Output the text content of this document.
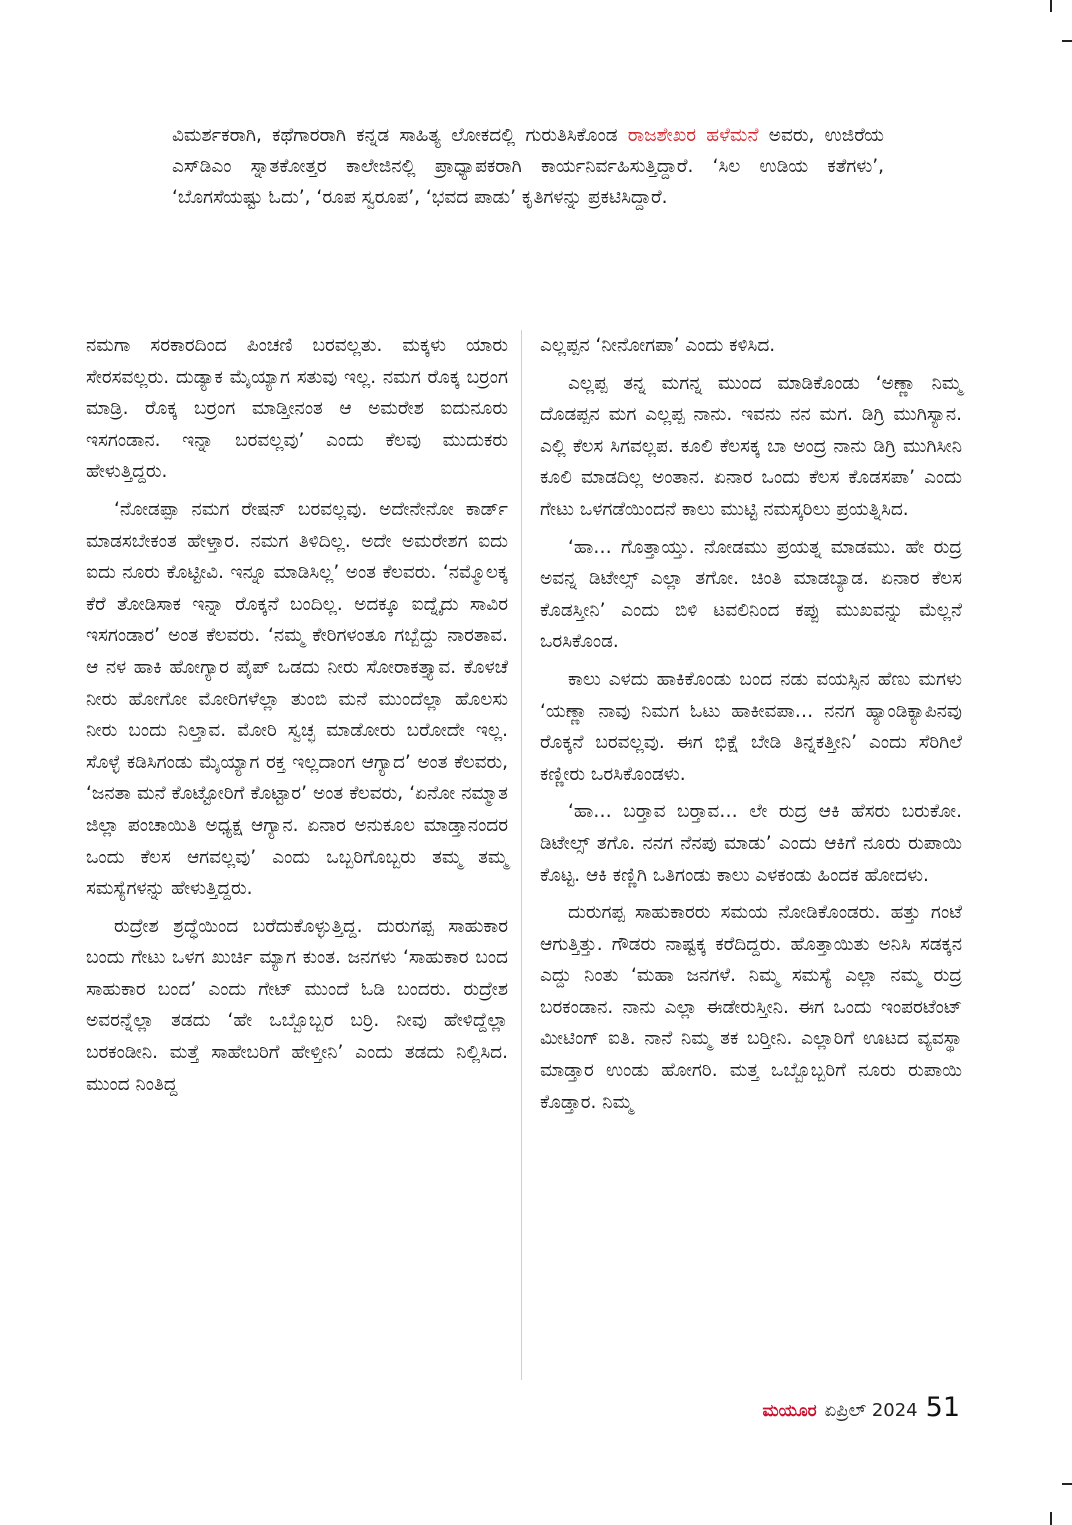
ವಿಮರ್ಶಕರಾಗಿ, ಕಥೆಗಾರರಾಗಿ ಕನ್ನಡ ಸಾಹಿತ್ಯ ಲೋಕದಲ್ಲಿ ಗುರುತಿಸಿಕೊಂಡ ರಾಜಶೇಖರ ಹಳೆಮನೆ ಅವರು, ಉಜಿರೆಯ ಎಸ್‌ಡಿಎಂ ಸ್ನಾತಕೋತ್ತರ ಕಾಲೇಜಿನಲ್ಲಿ ಪ್ರಾಧ್ಯಾಪಕರಾಗಿ ಕಾರ್ಯನಿರ್ವಹಿಸುತ್ತಿದ್ದಾರೆ. ‘ಸಿಲ ಉಡಿಯ ಕತೆಗಳು’, ‘ಬೊಗಸೆಯಷ್ಟು ಓದು’, ‘ರೂಪ ಸ್ವರೂಪ’, ‘ಭವದ ಪಾಡು’ ಕೃತಿಗಳನ್ನು ಪ್ರಕಟಿಸಿದ್ದಾರೆ.

ನಮಗಾ ಸರಕಾರದಿಂದ ಪಿಂಚಣಿ ಬರವಲ್ಲತು. ಮಕ್ಕಳು ಯಾರು ಸೇರಸವಲ್ಲರು. ದುಡ್ಯಾಕ ಮೈಯ್ಯಾಗ ಸತುವು ಇಲ್ಲ. ನಮಗ ರೊಕ್ಕ ಬರ್‍ರಂಗ ಮಾಡ್ರಿ. ರೊಕ್ಕ ಬರ್‍ರಂಗ ಮಾಡ್ತೀನಂತ ಆ ಅಮರೇಶ ಐದುನೂರು ಇಸಗಂಡಾನ. ಇನ್ನಾ ಬರವಲ್ಲವು’ ಎಂದು ಕೆಲವು ಮುದುಕರು ಹೇಳುತ್ತಿದ್ದರು.

‘ನೋಡಪ್ಪಾ ನಮಗ ರೇಷನ್ ಬರವಲ್ಲವು. ಅದೇನೇನೋ ಕಾರ್ಡ್ ಮಾಡಸಬೇಕಂತ ಹೇಳ್ತಾರ. ನಮಗ ತಿಳಿದಿಲ್ಲ. ಅದೇ ಅಮರೇಶಗ ಐದು ಐದು ನೂರು ಕೊಟ್ಟೀವಿ. ಇನ್ನೂ ಮಾಡಿಸಿಲ್ಲ’ ಅಂತ ಕೆಲವರು. ‘ನಮ್ಮೊಲಕ್ಕ ಕೆರೆ ತೋಡಿಸಾಕ ಇನ್ನಾ ರೊಕ್ಕನೆ ಬಂದಿಲ್ಲ. ಅದಕ್ಕೂ ಐದ್ನೈದು ಸಾವಿರ ಇಸಗಂಡಾರ’ ಅಂತ ಕೆಲವರು. ‘ನಮ್ಮ ಕೇರಿಗಳಂತೂ ಗಬ್ಬೆದ್ದು ನಾರತಾವ. ಆ ನಳ ಹಾಕಿ ಹೋಗ್ಯಾರ ಪೈಪ್ ಒಡದು ನೀರು ಸೋರಾಕತ್ತ್ಯಾವ. ಕೊಳಚೆ ನೀರು ಹೋಗೋ ಮೋರಿಗಳೆಲ್ಲಾ ತುಂಬಿ ಮನೆ ಮುಂದೆಲ್ಲಾ ಹೊಲಸು ನೀರು ಬಂದು ನಿಲ್ತಾವ. ಮೋರಿ ಸ್ವಚ್ಛ ಮಾಡೋರು ಬರೋದೇ ಇಲ್ಲ. ಸೊಳ್ಳೆ ಕಡಿಸಿಗಂಡು ಮೈಯ್ಯಾಗ ರಕ್ತ ಇಲ್ಲದಾಂಗ ಆಗ್ಯಾದ’ ಅಂತ ಕೆಲವರು, ‘ಜನತಾ ಮನೆ ಕೊಟ್ಟೋರಿಗೆ ಕೊಟ್ಟಾರ’ ಅಂತ ಕೆಲವರು, ‘ಏನೋ ನಮ್ಮಾತ ಜಿಲ್ಲಾ ಪಂಚಾಯಿತಿ ಅಧ್ಯಕ್ಷ ಆಗ್ಯಾನ. ಏನಾರ ಅನುಕೂಲ ಮಾಡ್ತಾನಂದರ ಒಂದು ಕೆಲಸ ಆಗವಲ್ಲವು’ ಎಂದು ಒಬ್ಬರಿಗೊಬ್ಬರು ತಮ್ಮ ತಮ್ಮ ಸಮಸ್ಯೆಗಳನ್ನು ಹೇಳುತ್ತಿದ್ದರು.

ರುದ್ರೇಶ ಶ್ರದ್ಧೆಯಿಂದ ಬರೆದುಕೊಳ್ಳುತ್ತಿದ್ದ. ದುರುಗಪ್ಪ ಸಾಹುಕಾರ ಬಂದು ಗೇಟು ಒಳಗ ಖುರ್ಚಿ ಮ್ಯಾಗ ಕುಂತ. ಜನಗಳು ‘ಸಾಹುಕಾರ ಬಂದ ಸಾಹುಕಾರ ಬಂದ’ ಎಂದು ಗೇಟ್ ಮುಂದೆ ಓಡಿ ಬಂದರು. ರುದ್ರೇಶ ಅವರನ್ನೆಲ್ಲಾ ತಡದು ‘ಹೇ ಒಬ್ಬೊಬ್ಬರ ಬರ್‍ರಿ. ನೀವು ಹೇಳಿದ್ದೆಲ್ಲಾ ಬರಕಂಡೀನಿ. ಮತ್ತೆ ಸಾಹೇಬರಿಗೆ ಹೇಳ್ತೀನಿ’ ಎಂದು ತಡದು ನಿಲ್ಲಿಸಿದ. ಮುಂದ ನಿಂತಿದ್ದ

ಎಲ್ಲಪ್ಪನ ‘ನೀನೋಗಪಾ’ ಎಂದು ಕಳಿಸಿದ.

ಎಲ್ಲಪ್ಪ ತನ್ನ ಮಗನ್ನ ಮುಂದ ಮಾಡಿಕೊಂಡು ‘ಅಣ್ಣಾ ನಿಮ್ಮ ದೊಡಪ್ಪನ ಮಗ ಎಲ್ಲಪ್ಪ ನಾನು. ಇವನು ನನ ಮಗ. ಡಿಗ್ರಿ ಮುಗಿಸ್ಯಾನ. ಎಲ್ಲಿ ಕೆಲಸ ಸಿಗವಲ್ಲಪ. ಕೂಲಿ ಕೆಲಸಕ್ಕ ಬಾ ಅಂದ್ರ ನಾನು ಡಿಗ್ರಿ ಮುಗಿಸೀನಿ ಕೂಲಿ ಮಾಡದಿಲ್ಲ ಅಂತಾನ. ಏನಾರ ಒಂದು ಕೆಲಸ ಕೊಡಸಪಾ’ ಎಂದು ಗೇಟು ಒಳಗಡೆಯಿಂದನೆ ಕಾಲು ಮುಟ್ಟಿ ನಮಸ್ಕರಿಲು ಪ್ರಯತ್ನಿಸಿದ.

‘ಹಾ… ಗೊತ್ತಾಯ್ತು. ನೋಡಮು ಪ್ರಯತ್ನ ಮಾಡಮು. ಹೇ ರುದ್ರ ಅವನ್ನ ಡಿಟೇಲ್ಸ್ ಎಲ್ಲಾ ತಗೋ. ಚಿಂತಿ ಮಾಡಬ್ಯಾಡ. ಏನಾರ ಕೆಲಸ ಕೊಡಸ್ತೀನಿ’ ಎಂದು ಬಿಳಿ ಟವಲಿನಿಂದ ಕಪ್ಪು ಮುಖವನ್ನು ಮೆಲ್ಲನೆ ಒರಸಿಕೊಂಡ.

ಕಾಲು ಎಳದು ಹಾಕಿಕೊಂಡು ಬಂದ ನಡು ವಯಸ್ಸಿನ ಹೆಣು ಮಗಳು ‘ಯಣ್ಣಾ ನಾವು ನಿಮಗ ಓಟು ಹಾಕೀವಪಾ… ನನಗ ಹ್ಯಾಂಡಿಕ್ಯಾಪಿನವು ರೊಕ್ಕನೆ ಬರವಲ್ಲವು. ಈಗ ಭಿಕ್ಷೆ ಬೇಡಿ ತಿನ್ನಕತ್ತೀನಿ’ ಎಂದು ಸೆರಿಗಿಲೆ ಕಣ್ಣೀರು ಒರಸಿಕೊಂಡಳು.

‘ಹಾ… ಬರ್‍ತಾವ ಬರ್‍ತಾವ… ಲೇ ರುದ್ರ ಆಕಿ ಹೆಸರು ಬರುಕೋ. ಡಿಟೇಲ್ಸ್ ತಗೊ. ನನಗ ನೆನಪು ಮಾಡು’ ಎಂದು ಆಕಿಗೆ ನೂರು ರುಪಾಯಿ ಕೊಟ್ಟ. ಆಕಿ ಕಣ್ಣಿಗಿ ಒತಿಗಂಡು ಕಾಲು ಎಳಕಂಡು ಹಿಂದಕ ಹೋದಳು.

ದುರುಗಪ್ಪ ಸಾಹುಕಾರರು ಸಮಯ ನೋಡಿಕೊಂಡರು. ಹತ್ತು ಗಂಟೆ ಆಗುತ್ತಿತ್ತು. ಗೌಡರು ನಾಷ್ಟಕ್ಕ ಕರೆದಿದ್ದರು. ಹೊತ್ತಾಯಿತು ಅನಿಸಿ ಸಡಕ್ಕನ ಎದ್ದು ನಿಂತು ‘ಮಹಾ ಜನಗಳೆ. ನಿಮ್ಮ ಸಮಸ್ಯೆ ಎಲ್ಲಾ ನಮ್ಮ ರುದ್ರ ಬರಕಂಡಾನ. ನಾನು ಎಲ್ಲಾ ಈಡೇರುಸ್ತೀನಿ. ಈಗ ಒಂದು ಇಂಪರಟೆಂಟ್ ಮೀಟಿಂಗ್ ಐತಿ. ನಾನೆ ನಿಮ್ಮ ತಕ ಬರ್‍ತೀನಿ. ಎಲ್ಲಾರಿಗೆ ಊಟದ ವ್ಯವಸ್ಥಾ ಮಾಡ್ತಾರ ಉಂಡು ಹೋಗರಿ. ಮತ್ತ ಒಬ್ಬೊಬ್ಬರಿಗೆ ನೂರು ರುಪಾಯಿ ಕೊಡ್ತಾರ. ನಿಮ್ಮ

ಮಯೂರ ಏಪ್ರಿಲ್ 2024 51
